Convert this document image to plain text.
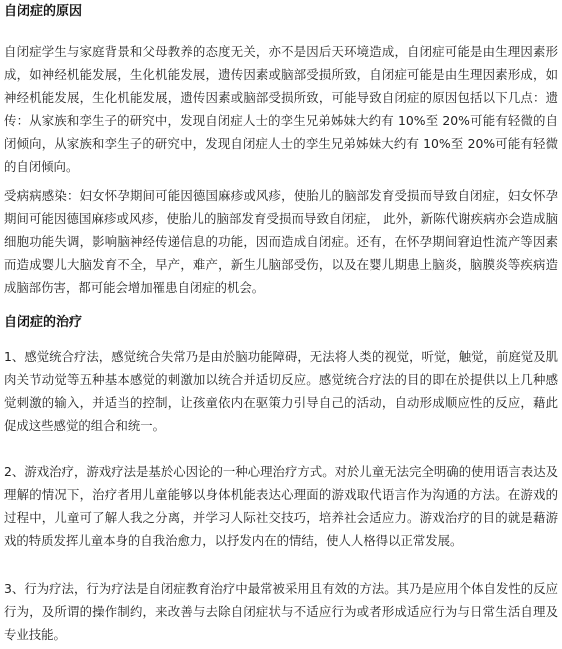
自闭症的原因

自闭症学生与家庭背景和父母教养的态度无关，亦不是因后天环境造成，自闭症可能是由生理因素形成，如神经机能发展，生化机能发展，遗传因素或脑部受损所致，自闭症可能是由生理因素形成，如神经机能发展，生化机能发展，遗传因素或脑部受损所致，可能导致自闭症的原因包括以下几点：遗传：从家族和孪生子的研究中，发现自闭症人士的孪生兄弟姊妹大约有 10%至 20%可能有轻微的自闭倾向，从家族和孪生子的研究中，发现自闭症人士的孪生兄弟姊妹大约有 10%至 20%可能有轻微的自闭倾向。

受病病感染：妇女怀孕期间可能因德国麻疹或风疹，使胎儿的脑部发育受损而导致自闭症，妇女怀孕期间可能因德国麻疹或风疹，使胎儿的脑部发育受损而导致自闭症， 此外，新陈代谢疾病亦会造成脑细胞功能失调，影响脑神经传递信息的功能，因而造成自闭症。还有，在怀孕期间窘迫性流产等因素而造成婴儿大脑发育不全，早产，难产，新生儿脑部受伤，以及在婴儿期患上脑炎，脑膜炎等疾病造成脑部伤害，都可能会增加罹患自闭症的机会。

自闭症的治疗

1、感觉统合疗法，感觉统合失常乃是由於脑功能障碍，无法将人类的视觉，听觉，触觉，前庭觉及肌肉关节动觉等五种基本感觉的刺激加以统合并适切反应。感觉统合疗法的目的即在於提供以上几种感觉刺激的输入，并适当的控制，让孩童依内在驱策力引导自己的活动，自动形成顺应性的反应，藉此促成这些感觉的组合和统一。

2、游戏治疗，游戏疗法是基於心因论的一种心理治疗方式。对於儿童无法完全明确的使用语言表达及理解的情况下，治疗者用儿童能够以身体机能表达心理面的游戏取代语言作为沟通的方法。在游戏的过程中，儿童可了解人我之分离，并学习人际社交技巧，培养社会适应力。游戏治疗的目的就是藉游戏的特质发挥儿童本身的自我治愈力，以抒发内在的情结，使人人格得以正常发展。

3、行为疗法，行为疗法是自闭症教育治疗中最常被采用且有效的方法。其乃是应用个体自发性的反应行为，及所谓的操作制约，来改善与去除自闭症状与不适应行为或者形成适应行为与日常生活自理及专业技能。
